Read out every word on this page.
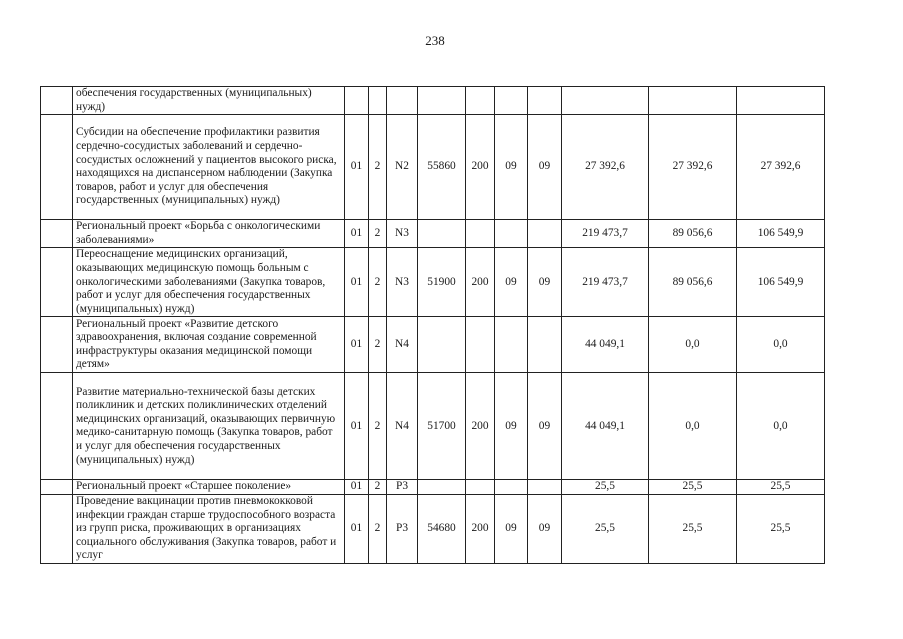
238
	обеспечения государственных (муниципальных) нужд)										
	Субсидии на обеспечение профилактики развития сердечно-сосудистых заболеваний и сердечно-сосудистых осложнений у пациентов высокого риска, находящихся на диспансерном наблюдении (Закупка товаров, работ и услуг для обеспечения государственных (муниципальных) нужд)	01	2	N2	55860	200	09	09	27 392,6	27 392,6	27 392,6
	Региональный проект «Борьба с онкологическими заболеваниями»	01	2	N3					219 473,7	89 056,6	106 549,9
	Переоснащение медицинских организаций, оказывающих медицинскую помощь больным с онкологическими заболеваниями (Закупка товаров, работ и услуг для обеспечения государственных (муниципальных) нужд)	01	2	N3	51900	200	09	09	219 473,7	89 056,6	106 549,9
	Региональный проект «Развитие детского здравоохранения, включая создание современной инфраструктуры оказания медицинской помощи детям»	01	2	N4					44 049,1	0,0	0,0
	Развитие материально-технической базы детских поликлиник и детских поликлинических отделений медицинских организаций, оказывающих первичную медико-санитарную помощь (Закупка товаров, работ и услуг для обеспечения государственных (муниципальных) нужд)	01	2	N4	51700	200	09	09	44 049,1	0,0	0,0
	Региональный проект «Старшее поколение»	01	2	P3					25,5	25,5	25,5
	Проведение вакцинации против пневмококковой инфекции граждан старше трудоспособного возраста из групп риска, проживающих в организациях социального обслуживания (Закупка товаров, работ и услуг	01	2	P3	54680	200	09	09	25,5	25,5	25,5
